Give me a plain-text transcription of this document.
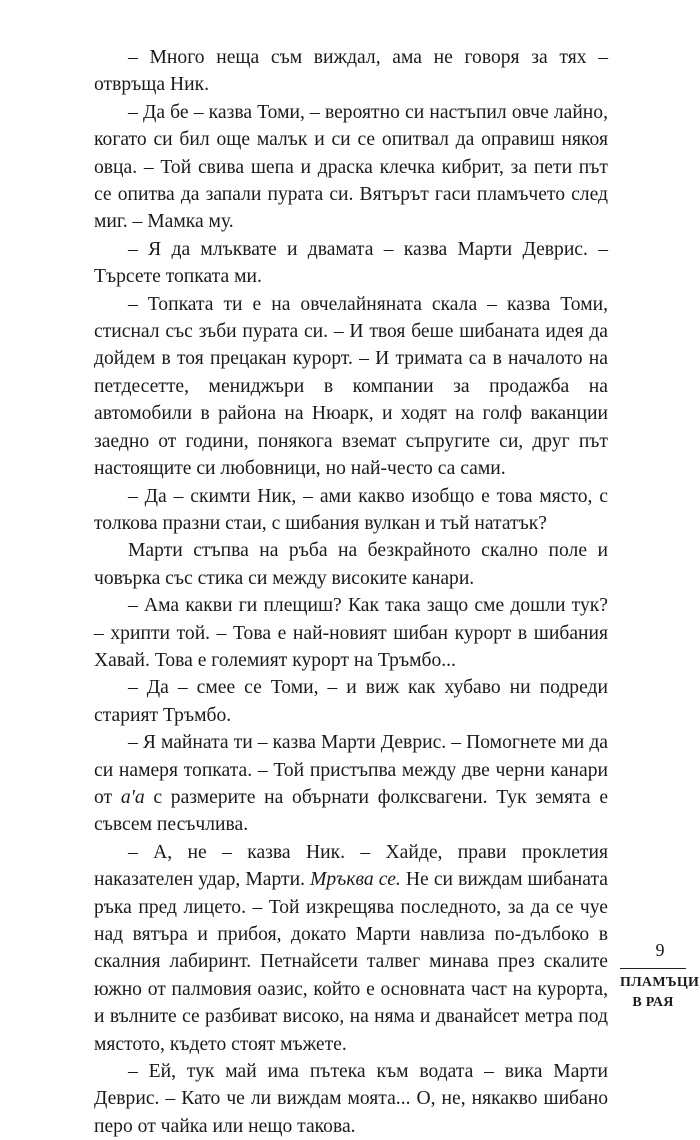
– Много неща съм виждал, ама не говоря за тях – отвръща Ник.

– Да бе – казва Томи, – вероятно си настъпил овче лайно, когато си бил още малък и си се опитвал да оправиш някоя овца. – Той свива шепа и драска клечка кибрит, за пети път се опитва да запали пурата си. Вятърът гаси пламъчето след миг. – Мамка му.

– Я да млъквате и двамата – казва Марти Деврис. – Търсете топката ми.

– Топката ти е на овчелайняната скала – казва Томи, стиснал със зъби пурата си. – И твоя беше шибаната идея да дойдем в тоя прецакан курорт. – И тримата са в началото на петдесетте, мениджъри в компании за продажба на автомобили в района на Нюарк, и ходят на голф ваканции заедно от години, понякога вземат съпругите си, друг път настоящите си любовници, но най-често са сами.

– Да – скимти Ник, – ами какво изобщо е това място, с толкова празни стаи, с шибания вулкан и тъй нататък?

Марти стъпва на ръба на безкрайното скално поле и човърка със стика си между високите канари.

– Ама какви ги плещиш? Как така защо сме дошли тук? – хрипти той. – Това е най-новият шибан курорт в шибания Хавай. Това е големият курорт на Тръмбо...

– Да – смее се Томи, – и виж как хубаво ни подреди старият Тръмбо.

– Я майната ти – казва Марти Деврис. – Помогнете ми да си намеря топката. – Той пристъпва между две черни канари от а'а с размерите на обърнати фолксвагени. Тук земята е съвсем песъчлива.

– А, не – казва Ник. – Хайде, прави проклетия наказателен удар, Марти. Мръква се. Не си виждам шибаната ръка пред лицето. – Той изкрещява последното, за да се чуе над вятъра и прибоя, докато Марти навлиза по-дълбоко в скалния лабиринт. Петнайсети талвег минава през скалите южно от палмовия оазис, който е основната част на курорта, и вълните се разбиват високо, на няма и дванайсет метра под мястото, където стоят мъжете.

– Ей, тук май има пътека към водата – вика Марти Деврис. – Като че ли виждам моята... О, не, някакво шибано перо от чайка или нещо такова.

9
ПЛАМЪЦИ
В РАЯ
